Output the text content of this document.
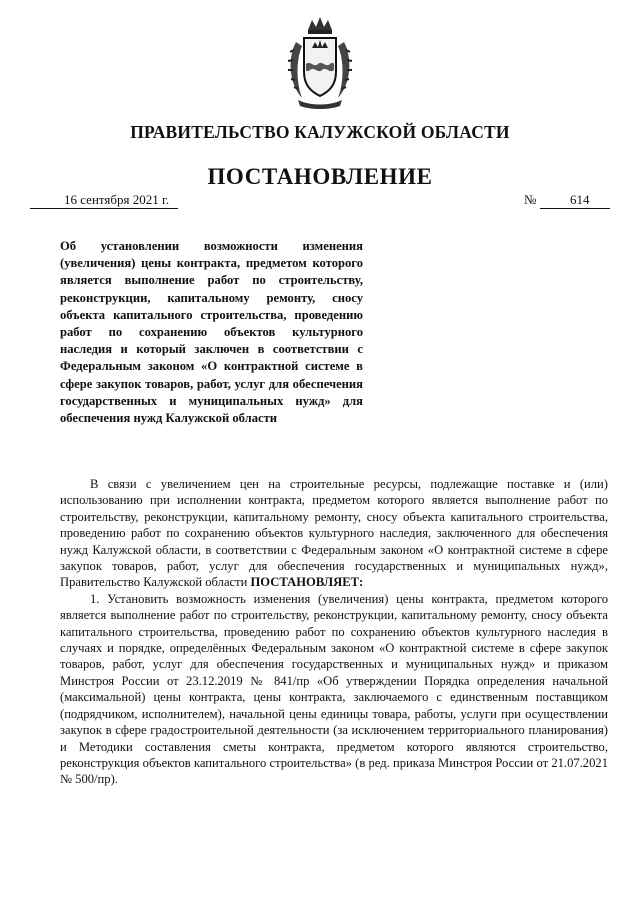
ПРАВИТЕЛЬСТВО КАЛУЖСКОЙ ОБЛАСТИ
ПОСТАНОВЛЕНИЕ
16 сентября 2021 г.	№	614
Об установлении возможности изменения (увеличения) цены контракта, предметом которого является выполнение работ по строительству, реконструкции, капитальному ремонту, сносу объекта капитального строительства, проведению работ по сохранению объектов культурного наследия и который заключен в соответствии с Федеральным законом «О контрактной системе в сфере закупок товаров, работ, услуг для обеспечения государственных и муниципальных нужд» для обеспечения нужд Калужской области

В связи с увеличением цен на строительные ресурсы, подлежащие поставке и (или) использованию при исполнении контракта, предметом которого является выполнение работ по строительству, реконструкции, капитальному ремонту, сносу объекта капитального строительства, проведению работ по сохранению объектов культурного наследия, заключенного для обеспечения нужд Калужской области, в соответствии с Федеральным законом «О контрактной системе в сфере закупок товаров, работ, услуг для обеспечения государственных и муниципальных нужд», Правительство Калужской области ПОСТАНОВЛЯЕТ:

1. Установить возможность изменения (увеличения) цены контракта, предметом которого является выполнение работ по строительству, реконструкции, капитальному ремонту, сносу объекта капитального строительства, проведению работ по сохранению объектов культурного наследия в случаях и порядке, определённых Федеральным законом «О контрактной системе в сфере закупок товаров, работ, услуг для обеспечения государственных и муниципальных нужд» и приказом Минстроя России от 23.12.2019 № 841/пр «Об утверждении Порядка определения начальной (максимальной) цены контракта, цены контракта, заключаемого с единственным поставщиком (подрядчиком, исполнителем), начальной цены единицы товара, работы, услуги при осуществлении закупок в сфере градостроительной деятельности (за исключением территориального планирования) и Методики составления сметы контракта, предметом которого являются строительство, реконструкция объектов капитального строительства» (в ред. приказа Минстроя России от 21.07.2021 № 500/пр).
